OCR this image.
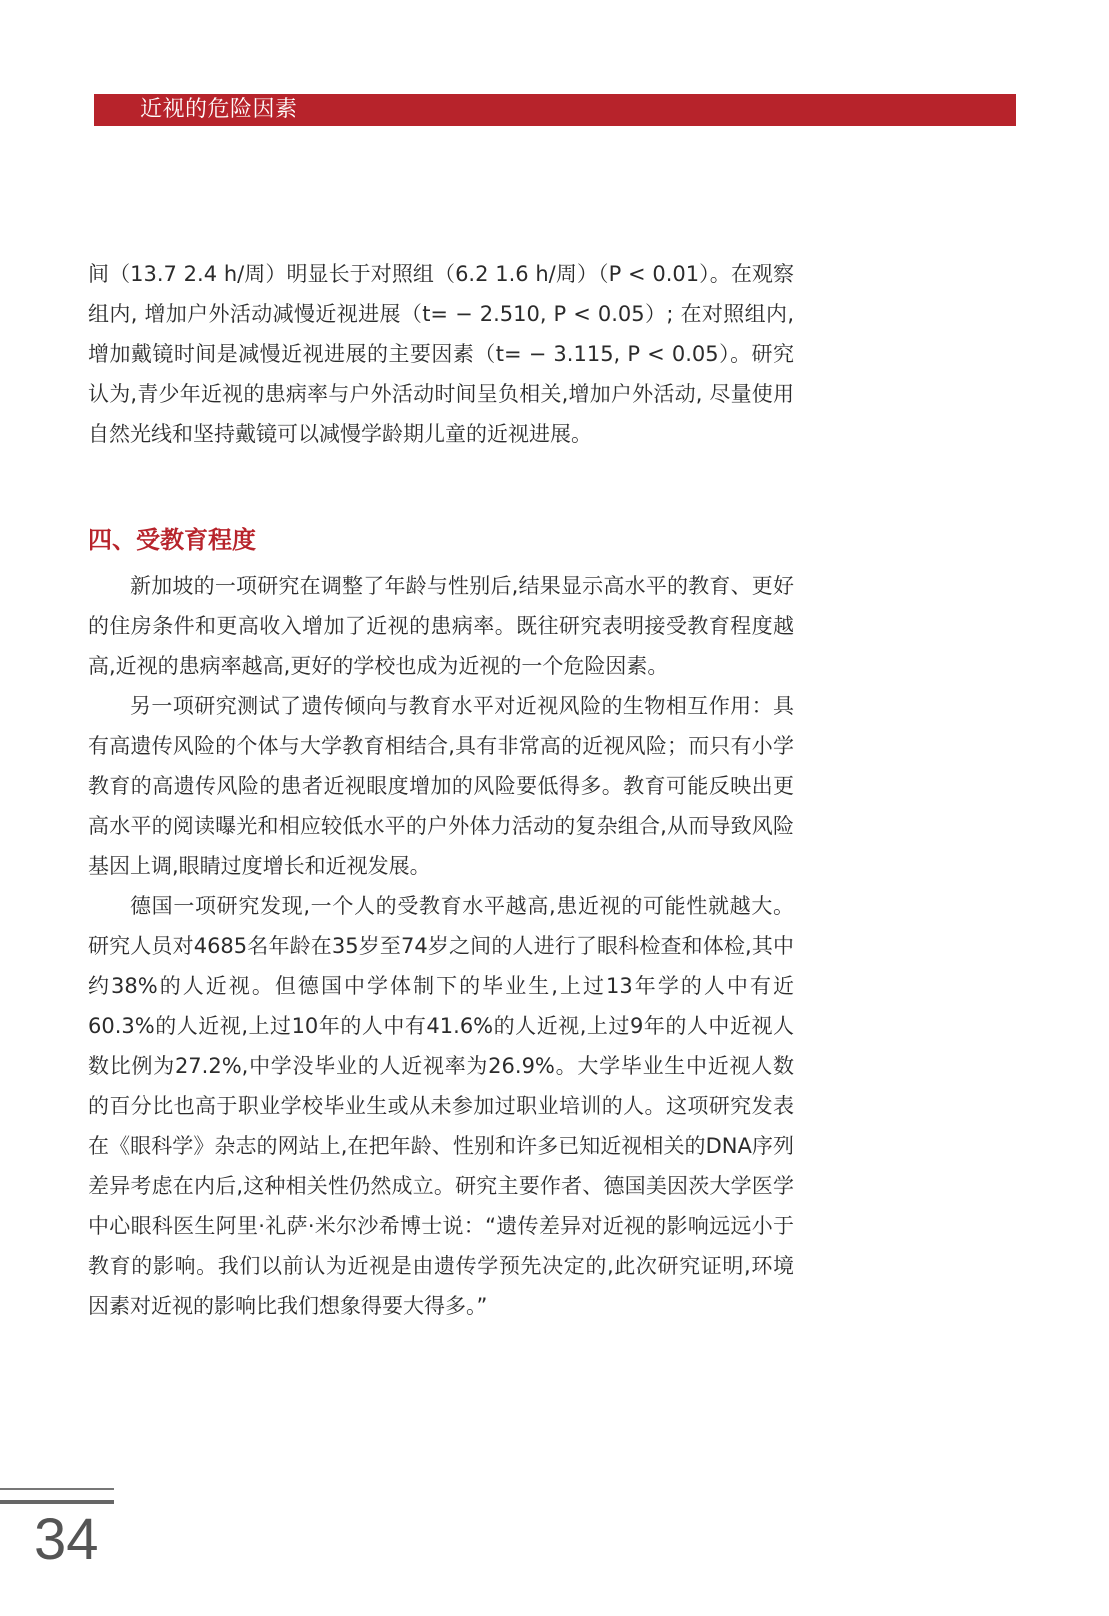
近视的危险因素

间（13.7 2.4 h/周）明显长于对照组（6.2 1.6 h/周）（P < 0.01）。在观察组内, 增加户外活动减慢近视进展（t= − 2.510, P < 0.05）; 在对照组内,增加戴镜时间是减慢近视进展的主要因素（t= − 3.115, P < 0.05）。研究认为,青少年近视的患病率与户外活动时间呈负相关,增加户外活动, 尽量使用自然光线和坚持戴镜可以减慢学龄期儿童的近视进展。

四、受教育程度

新加坡的一项研究在调整了年龄与性别后,结果显示高水平的教育、更好的住房条件和更高收入增加了近视的患病率。既往研究表明接受教育程度越高,近视的患病率越高,更好的学校也成为近视的一个危险因素。

另一项研究测试了遗传倾向与教育水平对近视风险的生物相互作用：具有高遗传风险的个体与大学教育相结合,具有非常高的近视风险；而只有小学教育的高遗传风险的患者近视眼度增加的风险要低得多。教育可能反映出更高水平的阅读曝光和相应较低水平的户外体力活动的复杂组合,从而导致风险基因上调,眼睛过度增长和近视发展。

德国一项研究发现,一个人的受教育水平越高,患近视的可能性就越大。研究人员对4685名年龄在35岁至74岁之间的人进行了眼科检查和体检,其中约38%的人近视。但德国中学体制下的毕业生,上过13年学的人中有近60.3%的人近视,上过10年的人中有41.6%的人近视,上过9年的人中近视人数比例为27.2%,中学没毕业的人近视率为26.9%。大学毕业生中近视人数的百分比也高于职业学校毕业生或从未参加过职业培训的人。这项研究发表在《眼科学》杂志的网站上,在把年龄、性别和许多已知近视相关的DNA序列差异考虑在内后,这种相关性仍然成立。研究主要作者、德国美因茨大学医学中心眼科医生阿里·礼萨·米尔沙希博士说：“遗传差异对近视的影响远远小于教育的影响。我们以前认为近视是由遗传学预先决定的,此次研究证明,环境因素对近视的影响比我们想象得要大得多。”

34
